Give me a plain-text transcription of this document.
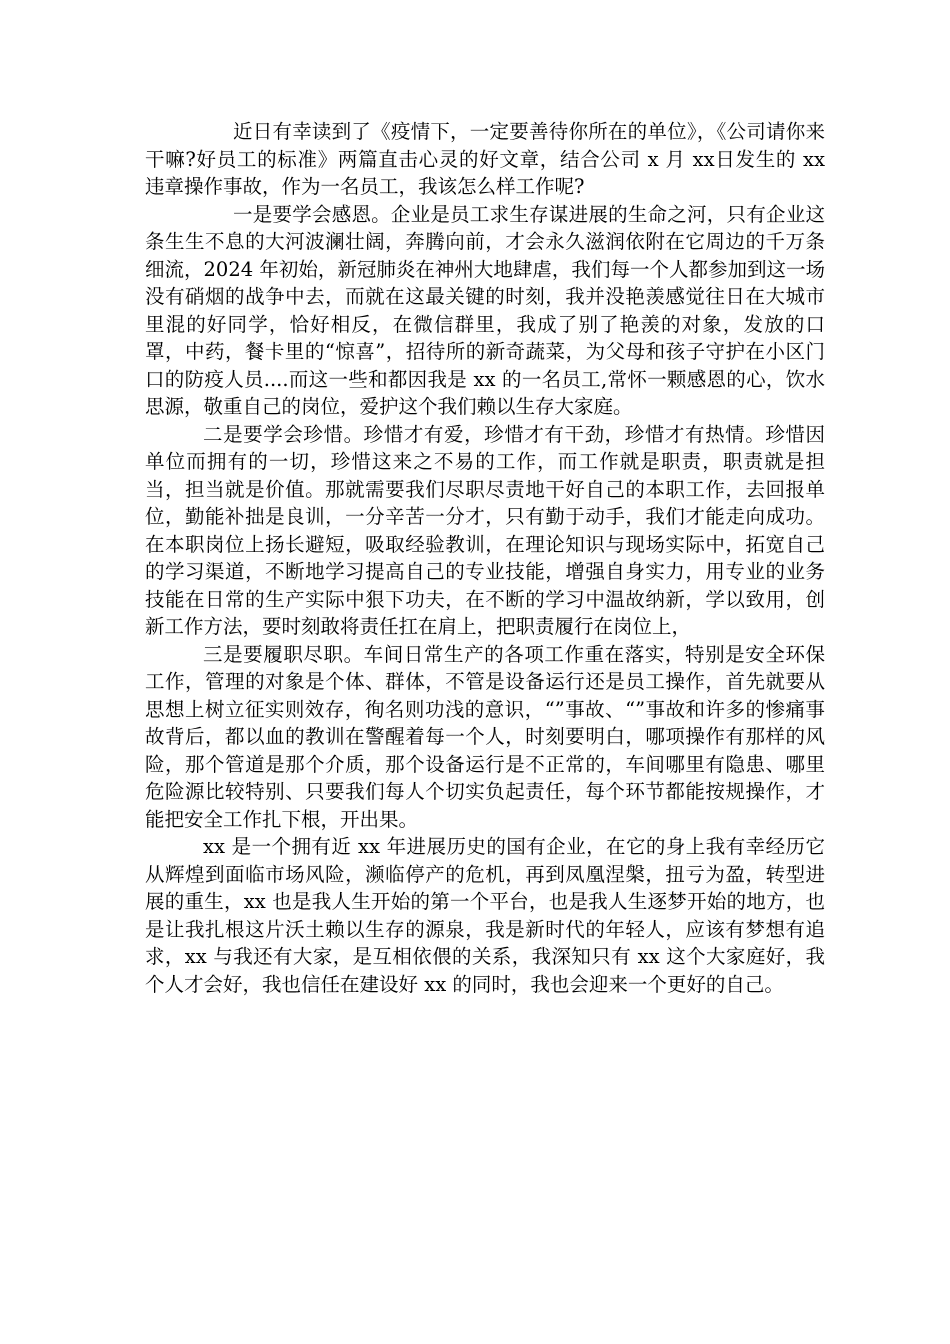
近日有幸读到了《疫情下，一定要善待你所在的单位》，《公司请你来干嘛?好员工的标准》两篇直击心灵的好文章，结合公司 x 月 xx日发生的 xx 违章操作事故，作为一名员工，我该怎么样工作呢?

一是要学会感恩。企业是员工求生存谋进展的生命之河，只有企业这条生生不息的大河波澜壮阔，奔腾向前，才会永久滋润依附在它周边的千万条细流，2024 年初始，新冠肺炎在神州大地肆虐，我们每一个人都参加到这一场没有硝烟的战争中去，而就在这最关键的时刻，我并没艳羡感觉往日在大城市里混的好同学，恰好相反，在微信群里，我成了别了艳羡的对象，发放的口罩，中药，餐卡里的“惊喜”，招待所的新奇蔬菜，为父母和孩子守护在小区门口的防疫人员....而这一些和都因我是 xx 的一名员工,常怀一颗感恩的心，饮水思源，敬重自己的岗位，爱护这个我们赖以生存大家庭。

二是要学会珍惜。珍惜才有爱，珍惜才有干劲，珍惜才有热情。珍惜因单位而拥有的一切，珍惜这来之不易的工作，而工作就是职责，职责就是担当，担当就是价值。那就需要我们尽职尽责地干好自己的本职工作，去回报单位，勤能补拙是良训，一分辛苦一分才，只有勤于动手，我们才能走向成功。在本职岗位上扬长避短，吸取经验教训，在理论知识与现场实际中，拓宽自己的学习渠道，不断地学习提高自己的专业技能，增强自身实力，用专业的业务技能在日常的生产实际中狠下功夫，在不断的学习中温故纳新，学以致用，创新工作方法，要时刻敢将责任扛在肩上，把职责履行在岗位上，

三是要履职尽职。车间日常生产的各项工作重在落实，特别是安全环保工作，管理的对象是个体、群体，不管是设备运行还是员工操作，首先就要从思想上树立征实则效存，徇名则功浅的意识，“”事故、“”事故和许多的惨痛事故背后，都以血的教训在警醒着每一个人，时刻要明白，哪项操作有那样的风险，那个管道是那个介质，那个设备运行是不正常的，车间哪里有隐患、哪里危险源比较特别、只要我们每人个切实负起责任，每个环节都能按规操作，才能把安全工作扎下根，开出果。

xx 是一个拥有近 xx 年进展历史的国有企业，在它的身上我有幸经历它从辉煌到面临市场风险，濒临停产的危机，再到凤凰涅槃，扭亏为盈，转型进展的重生，xx 也是我人生开始的第一个平台，也是我人生逐梦开始的地方，也是让我扎根这片沃土赖以生存的源泉，我是新时代的年轻人，应该有梦想有追求，xx 与我还有大家，是互相依偎的关系，我深知只有 xx 这个大家庭好，我个人才会好，我也信任在建设好 xx 的同时，我也会迎来一个更好的自己。
